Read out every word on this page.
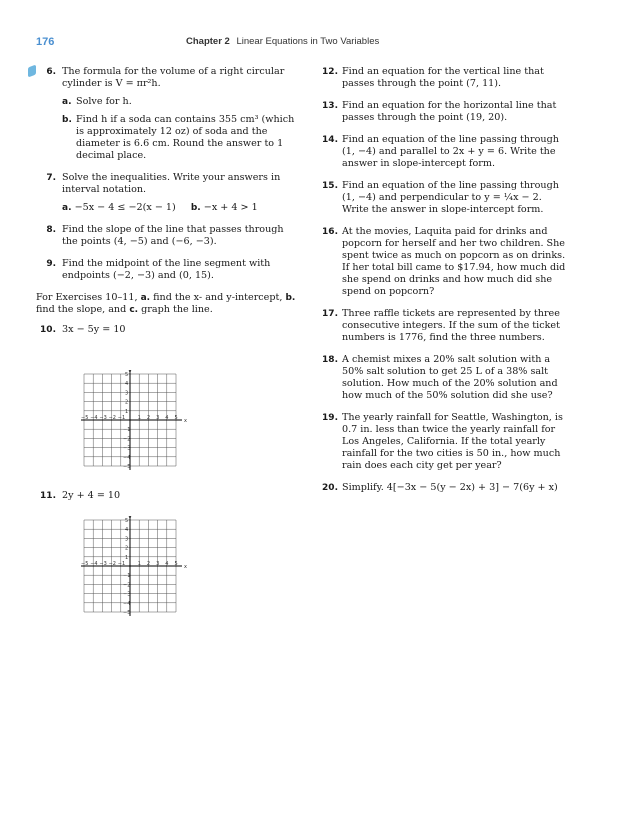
176	Chapter 2 Linear Equations in Two Variables
6. The formula for the volume of a right circular cylinder is V = πr²h.
a. Solve for h.
b. Find h if a soda can contains 355 cm³ (which is approximately 12 oz) of soda and the diameter is 6.6 cm. Round the answer to 1 decimal place.
7. Solve the inequalities. Write your answers in interval notation.
a. −5x − 4 ≤ −2(x − 1) b. −x + 4 > 1
8. Find the slope of the line that passes through the points (4, −5) and (−6, −3).
9. Find the midpoint of the line segment with endpoints (−2, −3) and (0, 15).
For Exercises 10–11, a. find the x- and y-intercept, b. find the slope, and c. graph the line.
10. 3x − 5y = 10
x
y
−5 −4 −3 −2 −1	1 2 3 4 5
5
4
3
2
1
−1
−2
−3
−4
−5
11. 2y + 4 = 10
x
y
−5 −4 −3 −2 −1	1 2 3 4 5
5
4
3
2
1
−1
−2
−3
−4
−5
12. Find an equation for the vertical line that passes through the point (7, 11).
13. Find an equation for the horizontal line that passes through the point (19, 20).
14. Find an equation of the line passing through (1, −4) and parallel to 2x + y = 6. Write the answer in slope-intercept form.
15. Find an equation of the line passing through (1, −4) and perpendicular to y = ¼x − 2. Write the answer in slope-intercept form.
16. At the movies, Laquita paid for drinks and popcorn for herself and her two children. She spent twice as much on popcorn as on drinks. If her total bill came to $17.94, how much did she spend on drinks and how much did she spend on popcorn?
17. Three raffle tickets are represented by three consecutive integers. If the sum of the ticket numbers is 1776, find the three numbers.
18. A chemist mixes a 20% salt solution with a 50% salt solution to get 25 L of a 38% salt solution. How much of the 20% solution and how much of the 50% solution did she use?
19. The yearly rainfall for Seattle, Washington, is 0.7 in. less than twice the yearly rainfall for Los Angeles, California. If the total yearly rainfall for the two cities is 50 in., how much rain does each city get per year?
20. Simplify. 4[−3x − 5(y − 2x) + 3] − 7(6y + x)
